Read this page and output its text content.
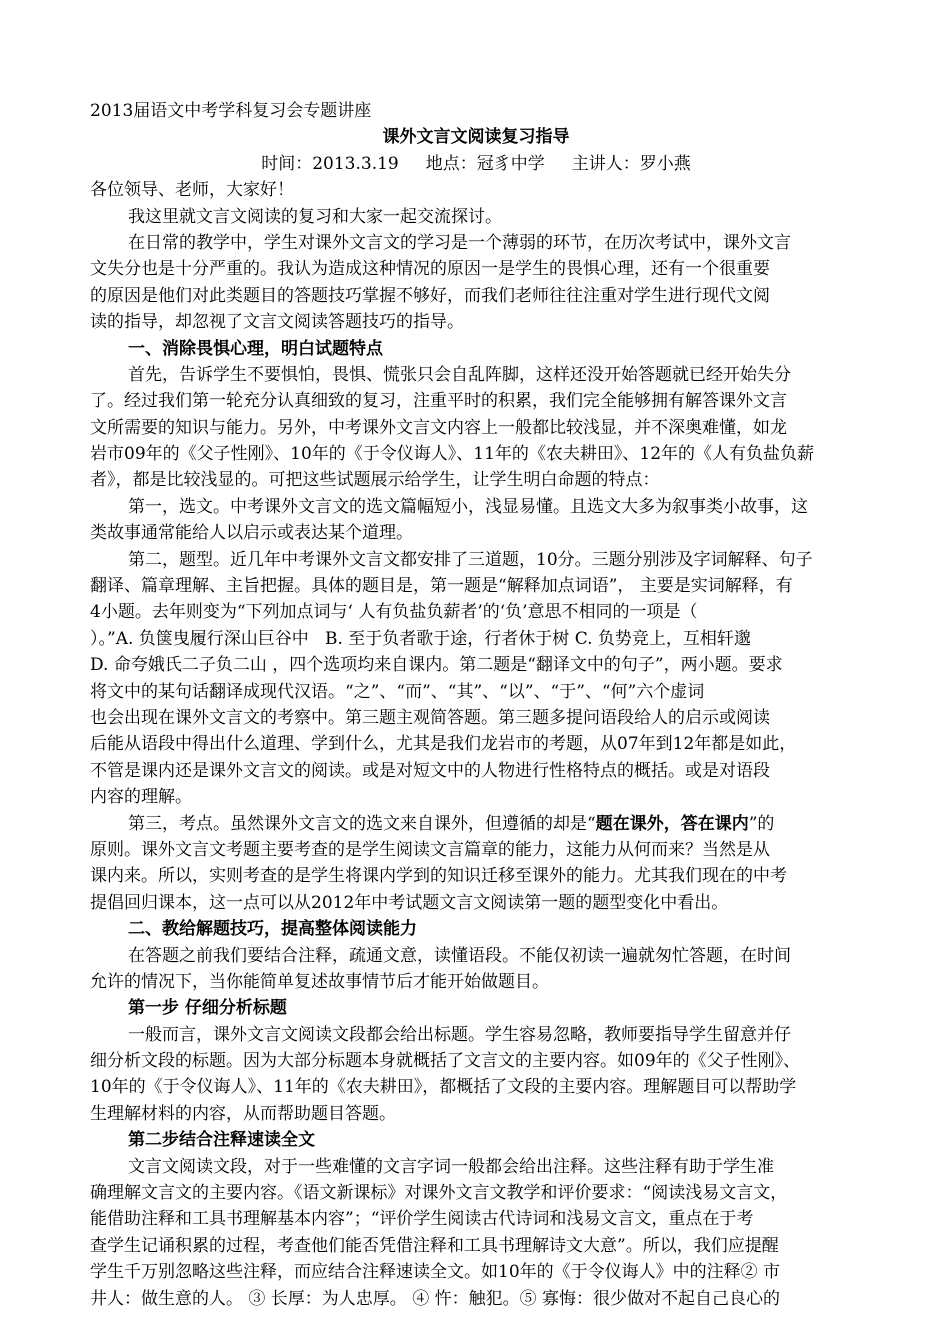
2013届语文中考学科复习会专题讲座
课外文言文阅读复习指导
时间：2013.3.19     地点：冠豸中学     主讲人：罗小燕
各位领导、老师，大家好！
我这里就文言文阅读的复习和大家一起交流探讨。
在日常的教学中，学生对课外文言文的学习是一个薄弱的环节，在历次考试中，课外文言
文失分也是十分严重的。我认为造成这种情况的原因一是学生的畏惧心理，还有一个很重要
的原因是他们对此类题目的答题技巧掌握不够好，而我们老师往往注重对学生进行现代文阅
读的指导，却忽视了文言文阅读答题技巧的指导。
一、消除畏惧心理，明白试题特点
首先，告诉学生不要惧怕，畏惧、慌张只会自乱阵脚，这样还没开始答题就已经开始失分
了。经过我们第一轮充分认真细致的复习，注重平时的积累，我们完全能够拥有解答课外文言
文所需要的知识与能力。另外，中考课外文言文内容上一般都比较浅显，并不深奥难懂，如龙
岩市09年的《父子性刚》、10年的《于令仪诲人》、11年的《农夫耕田》、12年的《人有负盐负薪
者》，都是比较浅显的。可把这些试题展示给学生，让学生明白命题的特点：
第一，选文。中考课外文言文的选文篇幅短小，浅显易懂。且选文大多为叙事类小故事，这
类故事通常能给人以启示或表达某个道理。
第二，题型。近几年中考课外文言文都安排了三道题，10分。三题分别涉及字词解释、句子
翻译、篇章理解、主旨把握。具体的题目是，第一题是“解释加点词语”， 主要是实词解释，有
4小题。去年则变为“下列加点词与‘ 人有负盐负薪者’的‘负’意思不相同的一项是（
）。”A. 负箧曳履行深山巨谷中   B. 至于负者歌于途，行者休于树 C. 负势竞上，互相轩邈
D. 命夸娥氏二子负二山 ，四个选项均来自课内。第二题是“翻译文中的句子”，两小题。要求
将文中的某句话翻译成现代汉语。“之”、“而”、“其”、“以”、“于”、“何”六个虚词
也会出现在课外文言文的考察中。第三题主观简答题。第三题多提问语段给人的启示或阅读
后能从语段中得出什么道理、学到什么，尤其是我们龙岩市的考题，从07年到12年都是如此，
不管是课内还是课外文言文的阅读。或是对短文中的人物进行性格特点的概括。或是对语段
内容的理解。
第三，考点。虽然课外文言文的选文来自课外，但遵循的却是“题在课外，答在课内”的
原则。课外文言文考题主要考查的是学生阅读文言篇章的能力，这能力从何而来？当然是从
课内来。所以，实则考查的是学生将课内学到的知识迁移至课外的能力。尤其我们现在的中考
提倡回归课本，这一点可以从2012年中考试题文言文阅读第一题的题型变化中看出。
二、教给解题技巧，提高整体阅读能力
在答题之前我们要结合注释，疏通文意，读懂语段。不能仅初读一遍就匆忙答题，在时间
允许的情况下，当你能简单复述故事情节后才能开始做题目。
第一步 仔细分析标题
一般而言，课外文言文阅读文段都会给出标题。学生容易忽略，教师要指导学生留意并仔
细分析文段的标题。因为大部分标题本身就概括了文言文的主要内容。如09年的《父子性刚》、
10年的《于令仪诲人》、11年的《农夫耕田》，都概括了文段的主要内容。理解题目可以帮助学
生理解材料的内容，从而帮助题目答题。
第二步结合注释速读全文
文言文阅读文段，对于一些难懂的文言字词一般都会给出注释。这些注释有助于学生准
确理解文言文的主要内容。《语文新课标》对课外文言文教学和评价要求：“阅读浅易文言文，
能借助注释和工具书理解基本内容”；“评价学生阅读古代诗词和浅易文言文，重点在于考
查学生记诵积累的过程，考查他们能否凭借注释和工具书理解诗文大意”。所以，我们应提醒
学生千万别忽略这些注释，而应结合注释速读全文。如10年的《于令仪诲人》中的注释② 市
井人：做生意的人。 ③ 长厚：为人忠厚。 ④ 忤：触犯。⑤ 寡悔：很少做对不起自己良心的
